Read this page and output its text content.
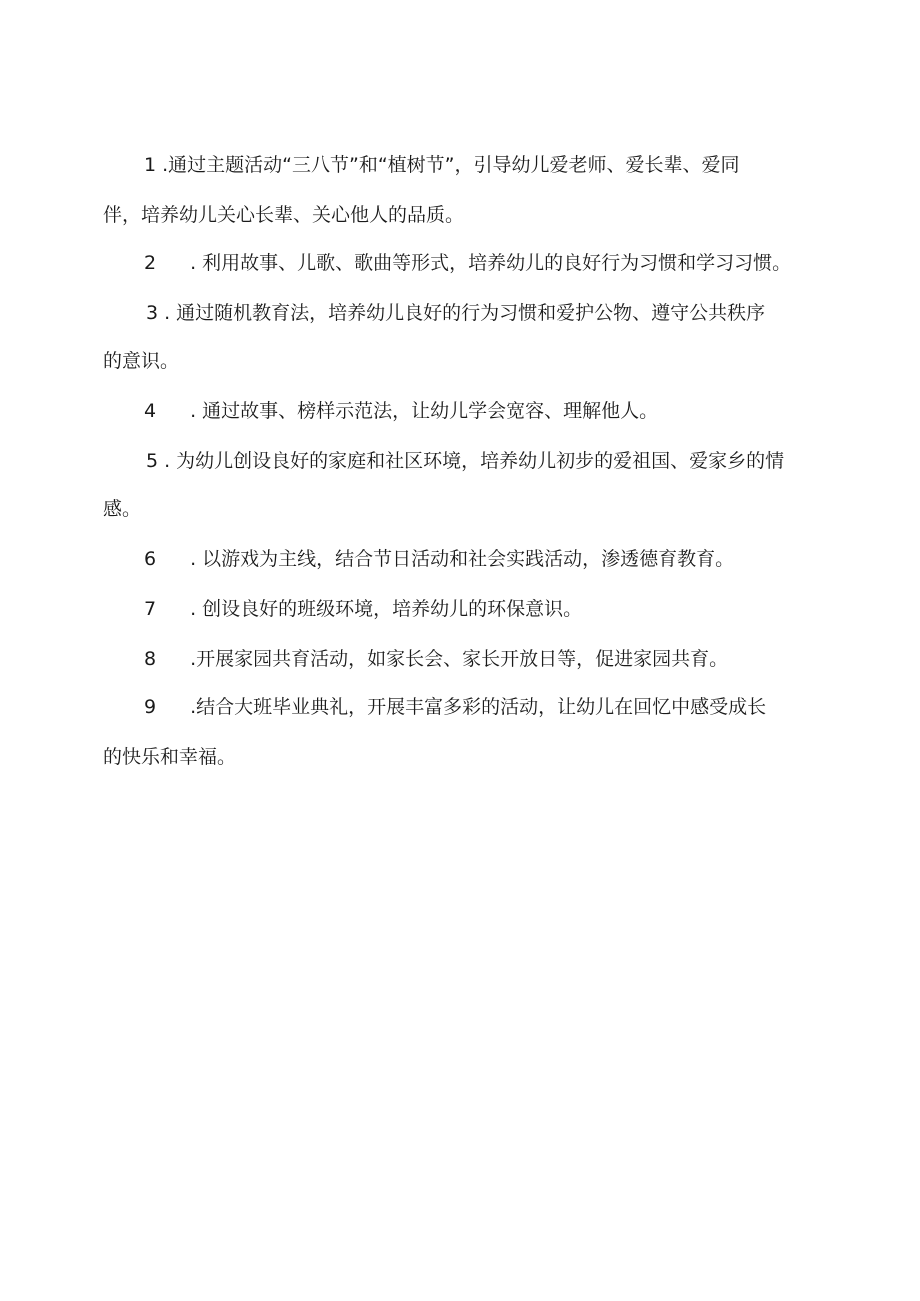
1 .通过主题活动“三八节”和“植树节”，引导幼儿爱老师、爱长辈、爱同
伴，培养幼儿关心长辈、关心他人的品质。
2 . 利用故事、儿歌、歌曲等形式，培养幼儿的良好行为习惯和学习习惯。
3 . 通过随机教育法，培养幼儿良好的行为习惯和爱护公物、遵守公共秩序
的意识。
4 . 通过故事、榜样示范法，让幼儿学会宽容、理解他人。
5 . 为幼儿创设良好的家庭和社区环境，培养幼儿初步的爱祖国、爱家乡的情
感。
6 . 以游戏为主线，结合节日活动和社会实践活动，渗透德育教育。
7 . 创设良好的班级环境，培养幼儿的环保意识。
8 .开展家园共育活动，如家长会、家长开放日等，促进家园共育。
9 .结合大班毕业典礼，开展丰富多彩的活动，让幼儿在回忆中感受成长
的快乐和幸福。
